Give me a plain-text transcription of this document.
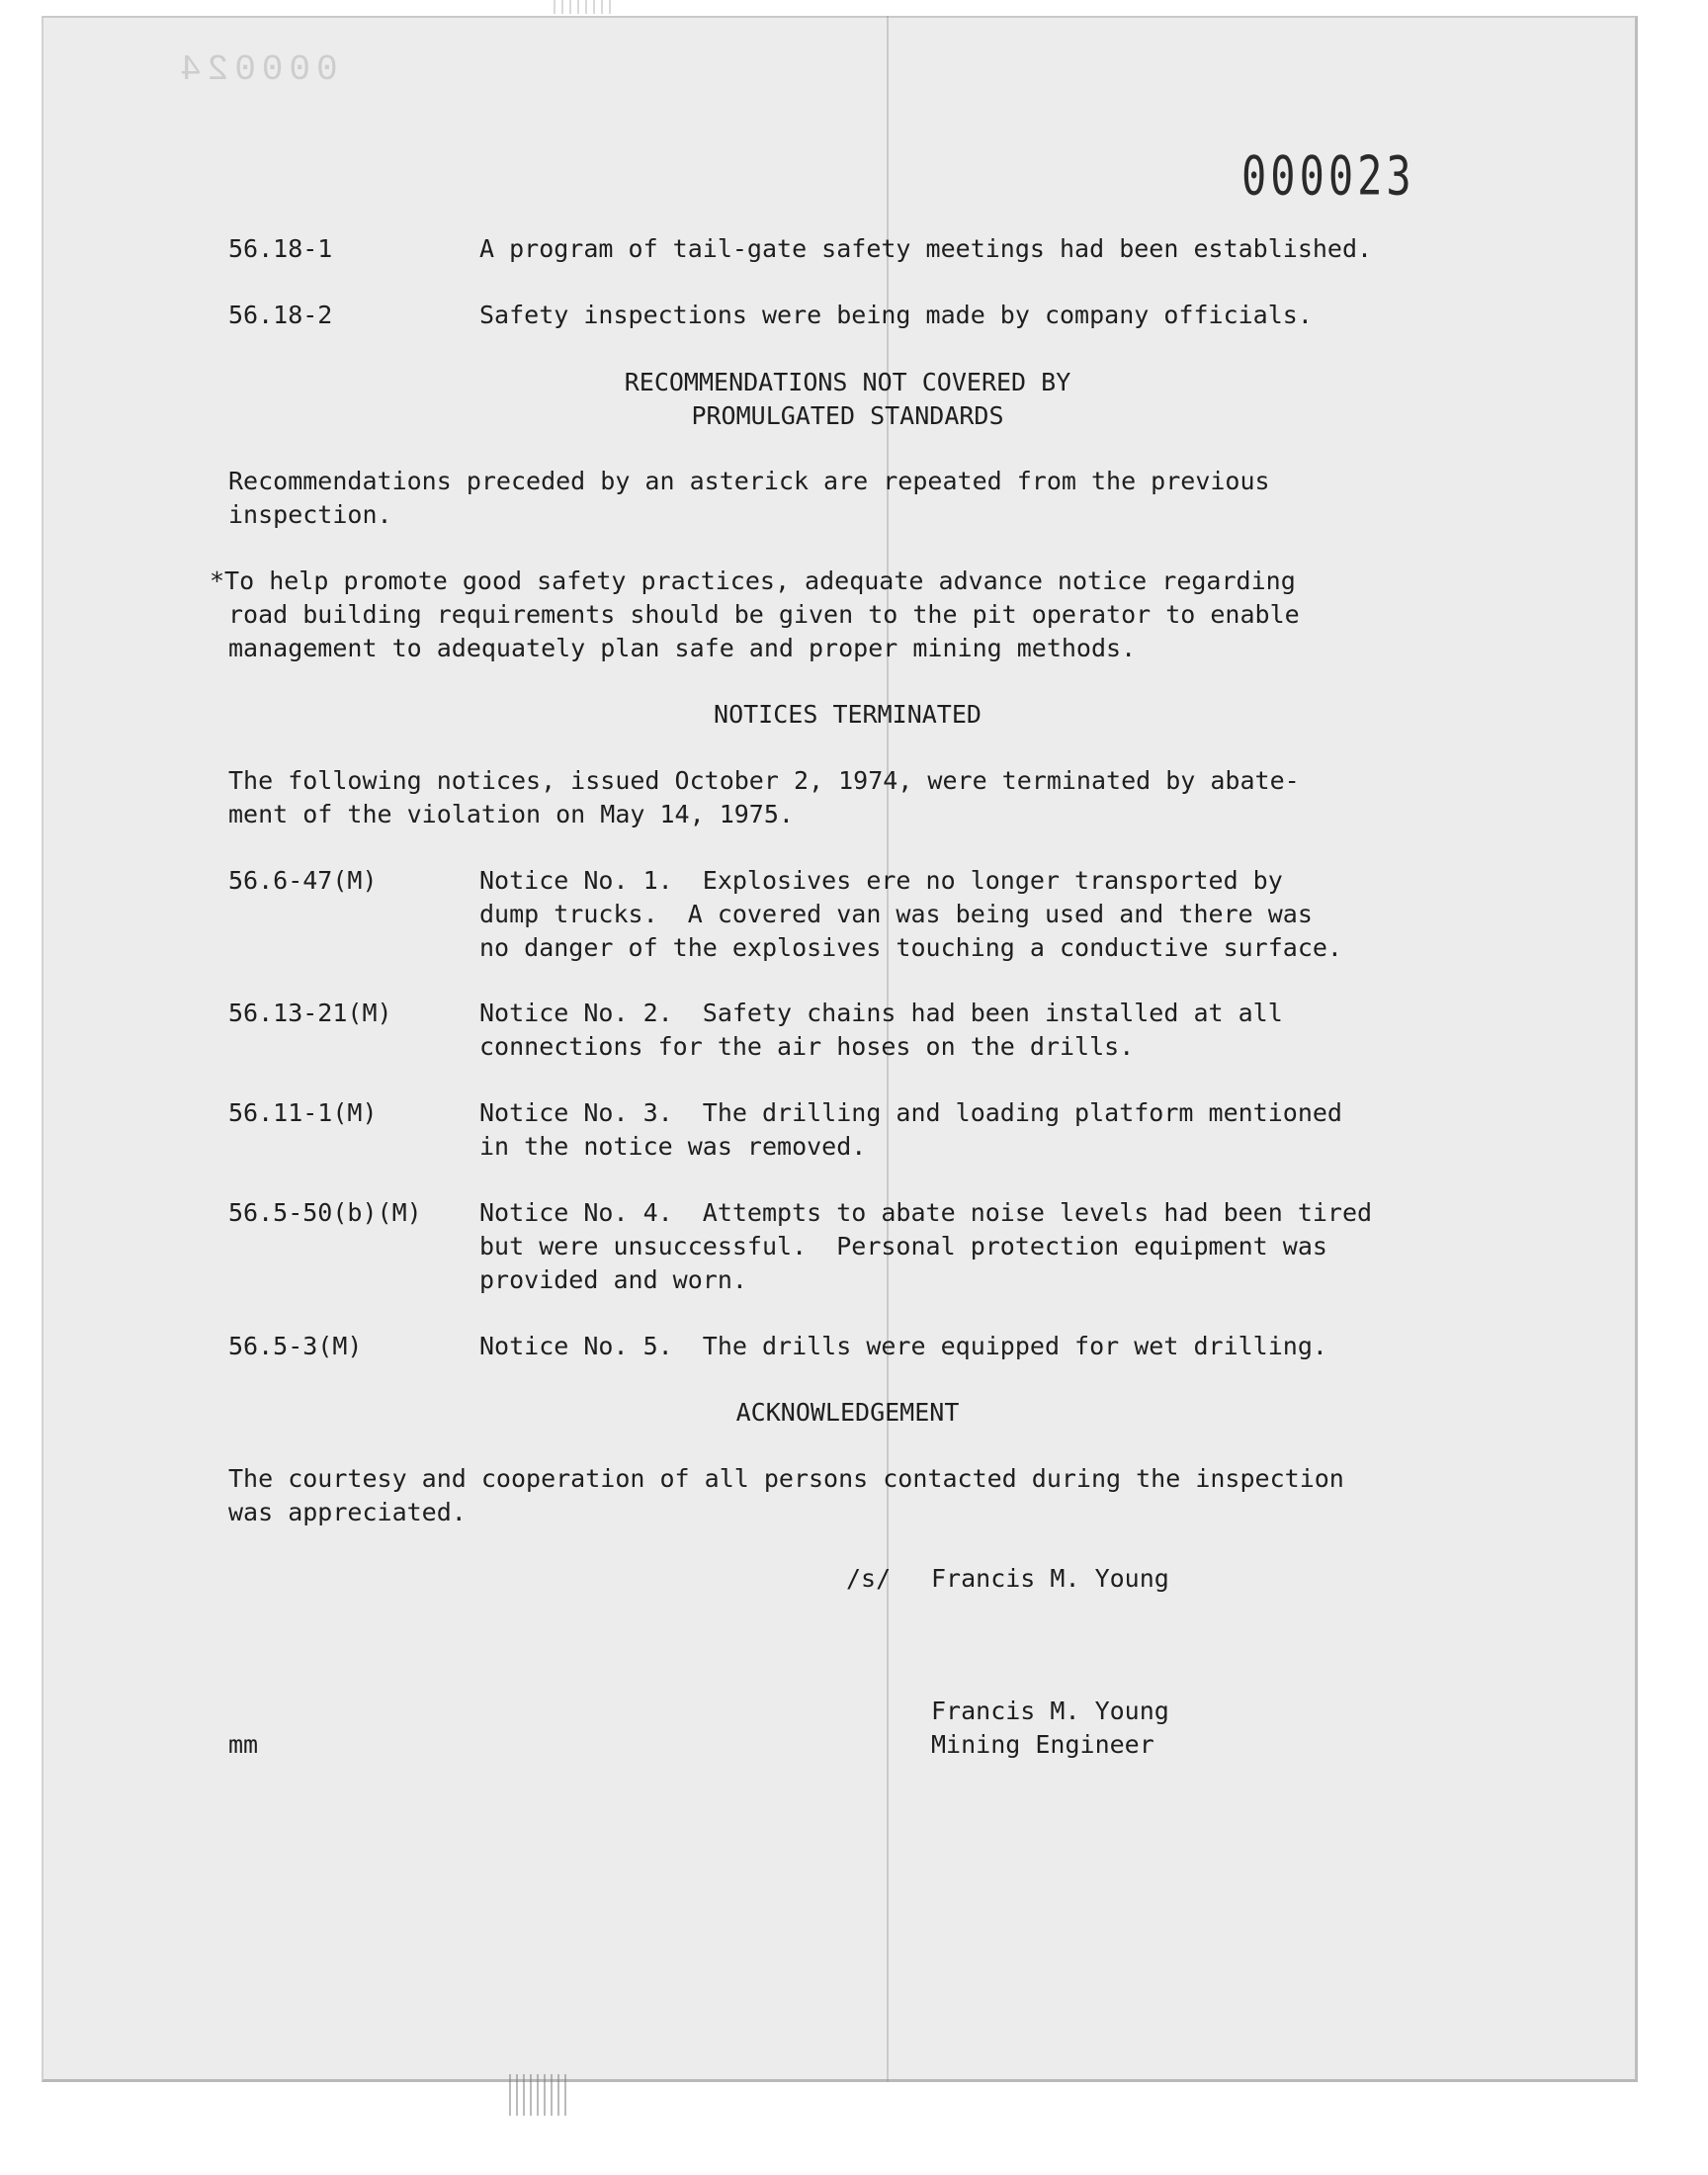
000024
000023

56.18-1	A program of tail-gate safety meetings had been established.

56.18-2	Safety inspections were being made by company officials.

RECOMMENDATIONS NOT COVERED BY

PROMULGATED STANDARDS

Recommendations preceded by an asterick are repeated from the previous

inspection.

*To help promote good safety practices, adequate advance notice regarding

road building requirements should be given to the pit operator to enable

management to adequately plan safe and proper mining methods.

NOTICES TERMINATED

The following notices, issued October 2, 1974, were terminated by abate-

ment of the violation on May 14, 1975.

56.6-47(M)	Notice No. 1.  Explosives ere no longer transported by

dump trucks.  A covered van was being used and there was

no danger of the explosives touching a conductive surface.

56.13-21(M)	Notice No. 2.  Safety chains had been installed at all

connections for the air hoses on the drills.

56.11-1(M)	Notice No. 3.  The drilling and loading platform mentioned

in the notice was removed.

56.5-50(b)(M) Notice No. 4.  Attempts to abate noise levels had been tired

but were unsuccessful.  Personal protection equipment was

provided and worn.

56.5-3(M)	Notice No. 5.  The drills were equipped for wet drilling.

ACKNOWLEDGEMENT

The courtesy and cooperation of all persons contacted during the inspection

was appreciated.

/s/ Francis M. Young

Francis M. Young

Mining Engineer

mm
